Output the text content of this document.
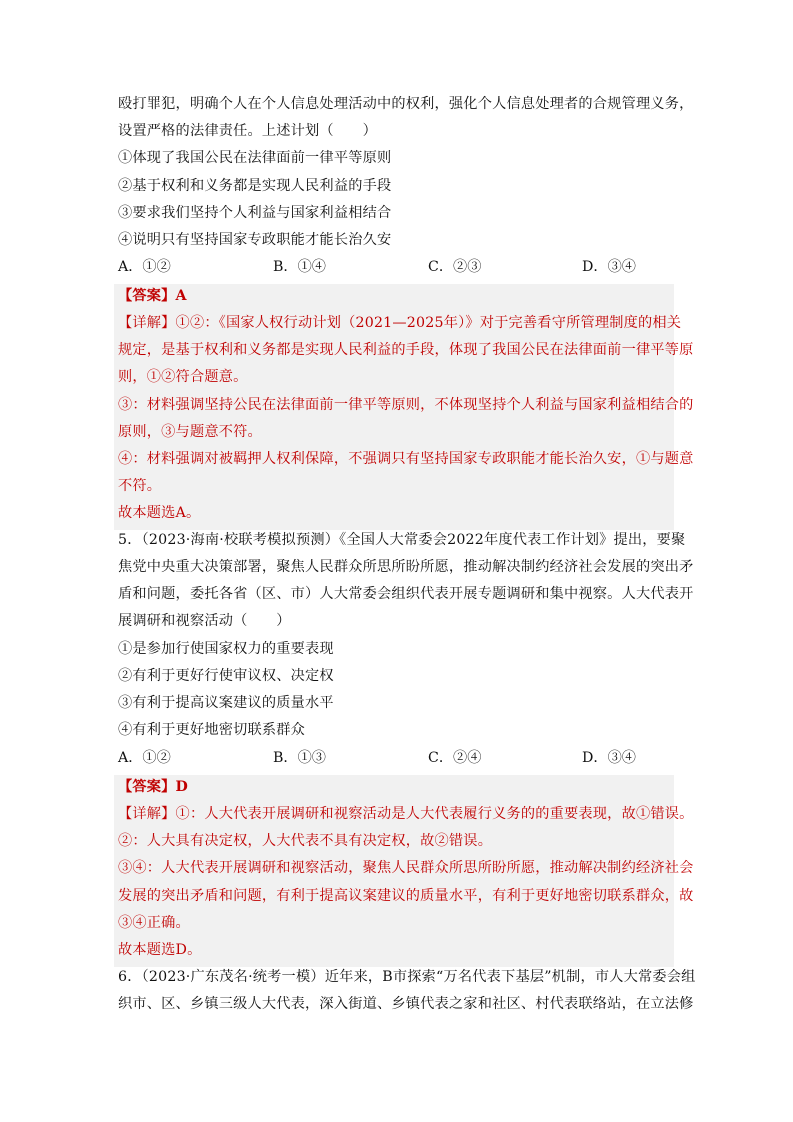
殴打罪犯，明确个人在个人信息处理活动中的权利，强化个人信息处理者的合规管理义务，
设置严格的法律责任。上述计划（　　）
①体现了我国公民在法律面前一律平等原则
②基于权利和义务都是实现人民利益的手段
③要求我们坚持个人利益与国家利益相结合
④说明只有坚持国家专政职能才能长治久安
A．①②	B．①④	C．②③	D．③④
【答案】A
【详解】①②：《国家人权行动计划（2021—2025年）》对于完善看守所管理制度的相关
规定，是基于权利和义务都是实现人民利益的手段，体现了我国公民在法律面前一律平等原
则，①②符合题意。
③：材料强调坚持公民在法律面前一律平等原则，不体现坚持个人利益与国家利益相结合的
原则，③与题意不符。
④：材料强调对被羁押人权利保障，不强调只有坚持国家专政职能才能长治久安，①与题意
不符。
故本题选A。
5．（2023·海南·校联考模拟预测）《全国人大常委会2022年度代表工作计划》提出，要聚
焦党中央重大决策部署，聚焦人民群众所思所盼所愿，推动解决制约经济社会发展的突出矛
盾和问题，委托各省（区、市）人大常委会组织代表开展专题调研和集中视察。人大代表开
展调研和视察活动（　　）
①是参加行使国家权力的重要表现
②有利于更好行使审议权、决定权
③有利于提高议案建议的质量水平
④有利于更好地密切联系群众
A．①②	B．①③	C．②④	D．③④
【答案】D
【详解】①：人大代表开展调研和视察活动是人大代表履行义务的的重要表现，故①错误。
②：人大具有决定权，人大代表不具有决定权，故②错误。
③④：人大代表开展调研和视察活动，聚焦人民群众所思所盼所愿，推动解决制约经济社会
发展的突出矛盾和问题，有利于提高议案建议的质量水平，有利于更好地密切联系群众，故
③④正确。
故本题选D。
6．（2023·广东茂名·统考一模）近年来，B市探索“万名代表下基层”机制，市人大常委会组
织市、区、乡镇三级人大代表，深入街道、乡镇代表之家和社区、村代表联络站，在立法修
